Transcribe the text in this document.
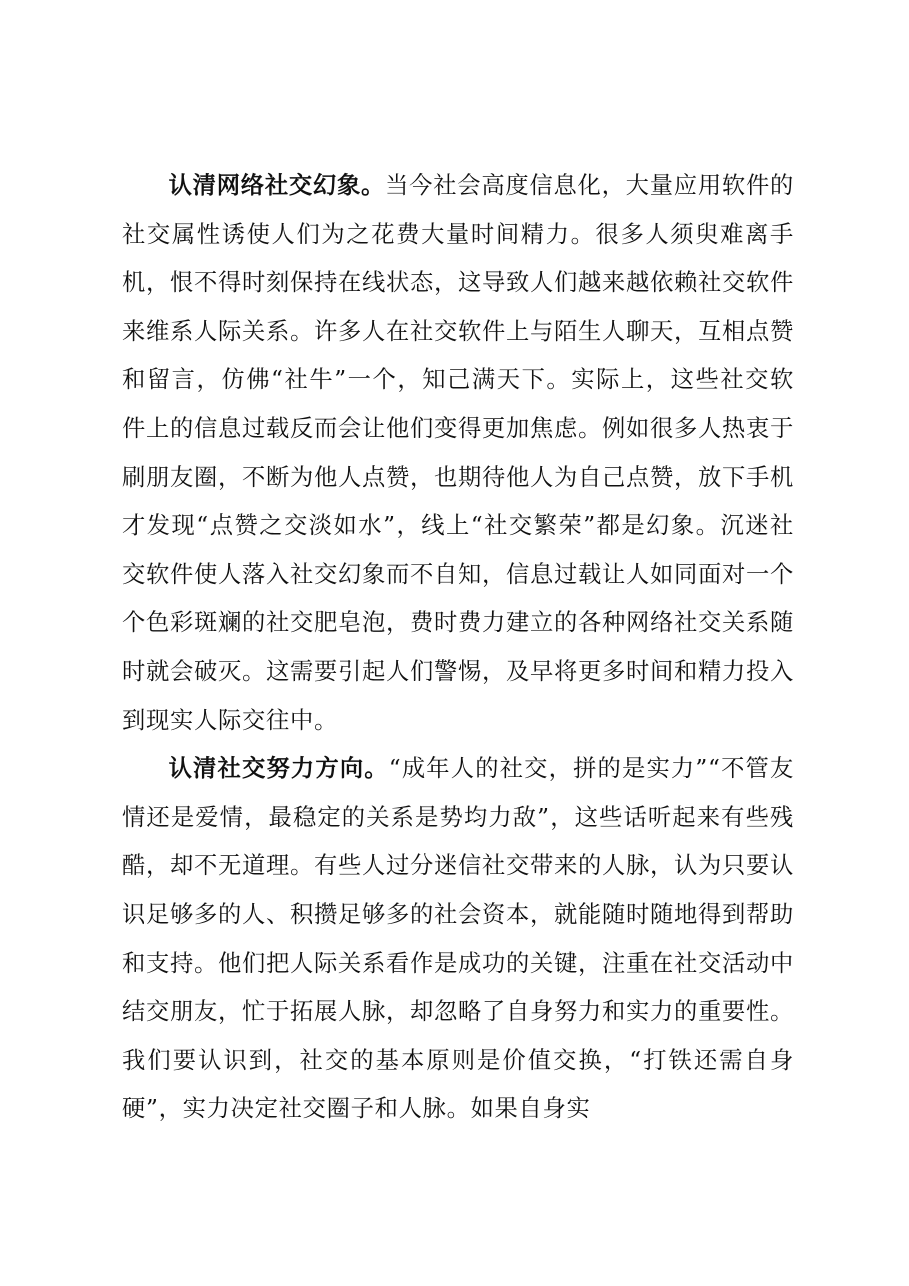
认清网络社交幻象。当今社会高度信息化，大量应用软件的社交属性诱使人们为之花费大量时间精力。很多人须臾难离手机，恨不得时刻保持在线状态，这导致人们越来越依赖社交软件来维系人际关系。许多人在社交软件上与陌生人聊天，互相点赞和留言，仿佛“社牛”一个，知己满天下。实际上，这些社交软件上的信息过载反而会让他们变得更加焦虑。例如很多人热衷于刷朋友圈，不断为他人点赞，也期待他人为自己点赞，放下手机才发现“点赞之交淡如水”，线上“社交繁荣”都是幻象。沉迷社交软件使人落入社交幻象而不自知，信息过载让人如同面对一个个色彩斑斓的社交肥皂泡，费时费力建立的各种网络社交关系随时就会破灭。这需要引起人们警惕，及早将更多时间和精力投入到现实人际交往中。

认清社交努力方向。“成年人的社交，拼的是实力”“不管友情还是爱情，最稳定的关系是势均力敌”，这些话听起来有些残酷，却不无道理。有些人过分迷信社交带来的人脉，认为只要认识足够多的人、积攒足够多的社会资本，就能随时随地得到帮助和支持。他们把人际关系看作是成功的关键，注重在社交活动中结交朋友，忙于拓展人脉，却忽略了自身努力和实力的重要性。我们要认识到，社交的基本原则是价值交换，“打铁还需自身硬”，实力决定社交圈子和人脉。如果自身实
